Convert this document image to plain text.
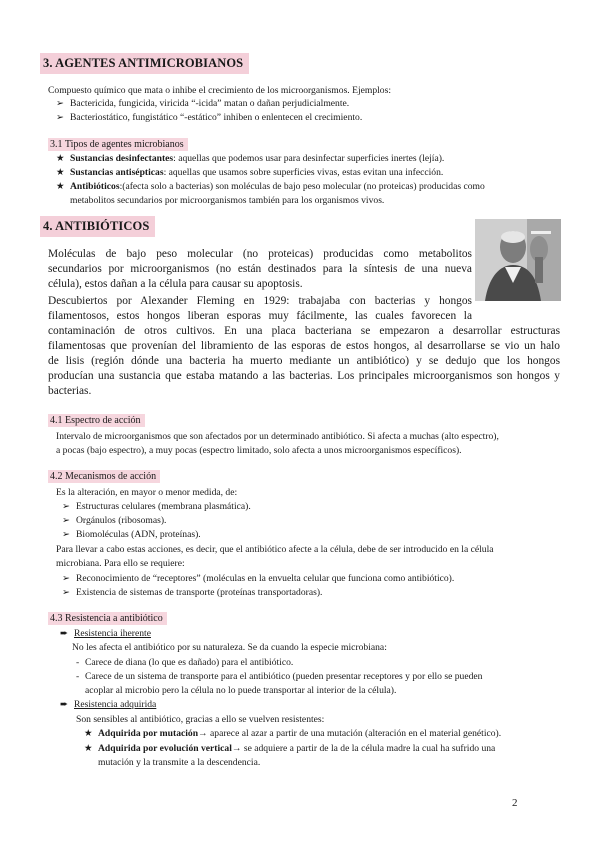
3. AGENTES ANTIMICROBIANOS
Compuesto químico que mata o inhibe el crecimiento de los microorganismos. Ejemplos:
➢ Bactericida, fungicida, viricida “-icida” matan o dañan perjudicialmente.
➢ Bacteriostático, fungistático “-estático” inhiben o enlentecen el crecimiento.
3.1 Tipos de agentes microbianos
★ Sustancias desinfectantes: aquellas que podemos usar para desinfectar superficies inertes (lejía).
★ Sustancias antisépticas: aquellas que usamos sobre superficies vivas, estas evitan una infección.
★ Antibióticos:(afecta solo a bacterias) son moléculas de bajo peso molecular (no proteicas) producidas como
metabolitos secundarios por microorganismos también para los organismos vivos.
4. ANTIBIÓTICOS
Moléculas de bajo peso molecular (no proteicas) producidas como metabolitos
secundarios por microorganismos (no están destinados para la síntesis de una nueva
célula), estos dañan a la célula para causar su apoptosis.
Descubiertos por Alexander Fleming en 1929: trabajaba con bacterias y hongos
filamentosos, estos hongos liberan esporas muy fácilmente, las cuales favorecen la
contaminación de otros cultivos. En una placa bacteriana se empezaron a desarrollar estructuras
filamentosas que provenían del libramiento de las esporas de estos hongos, al desarrollarse se vio un halo
de lisis (región dónde una bacteria ha muerto mediante un antibiótico) y se dedujo que los hongos
producían una sustancia que estaba matando a las bacterias. Los principales microorganismos son hongos y
bacterias.
4.1 Espectro de acción
Intervalo de microorganismos que son afectados por un determinado antibiótico. Si afecta a muchas (alto espectro),
a pocas (bajo espectro), a muy pocas (espectro limitado, solo afecta a unos microorganismos específicos).
4.2 Mecanismos de acción
Es la alteración, en mayor o menor medida, de:
➢ Estructuras celulares (membrana plasmática).
➢ Orgánulos (ribosomas).
➢ Biomoléculas (ADN, proteínas).
Para llevar a cabo estas acciones, es decir, que el antibiótico afecte a la célula, debe de ser introducido en la célula
microbiana. Para ello se requiere:
➢ Reconocimiento de “receptores” (moléculas en la envuelta celular que funciona como antibiótico).
➢ Existencia de sistemas de transporte (proteínas transportadoras).
4.3 Resistencia a antibiótico
➨ Resistencia iherente
No les afecta el antibiótico por su naturaleza. Se da cuando la especie microbiana:
- Carece de diana (lo que es dañado) para el antibiótico.
- Carece de un sistema de transporte para el antibiótico (pueden presentar receptores y por ello se pueden
acoplar al microbio pero la célula no lo puede transportar al interior de la célula).
➨ Resistencia adquirida
Son sensibles al antibiótico, gracias a ello se vuelven resistentes:
★ Adquirida por mutación→ aparece al azar a partir de una mutación (alteración en el material genético).
★ Adquirida por evolución vertical→ se adquiere a partir de la de la célula madre la cual ha sufrido una
mutación y la transmite a la descendencia.
2
